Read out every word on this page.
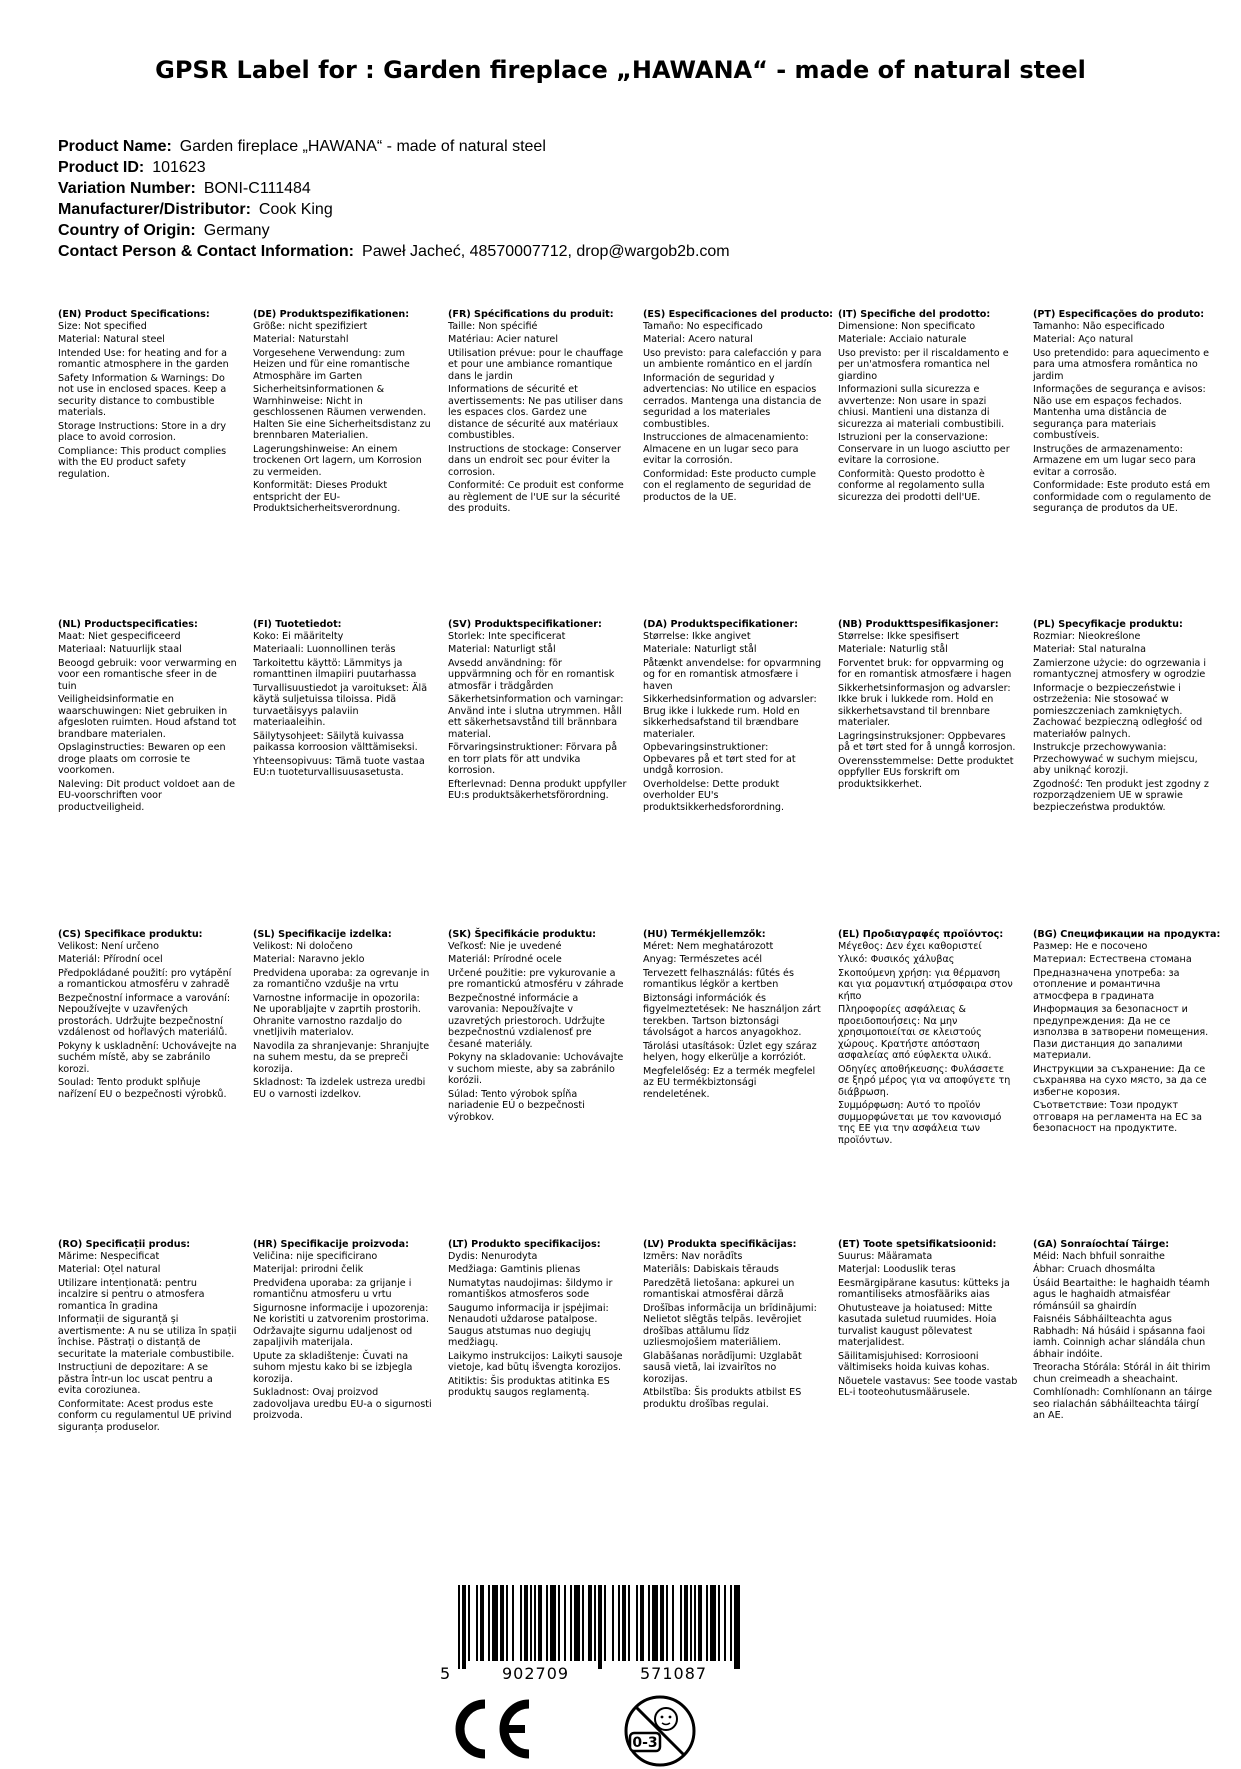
GPSR Label for : Garden fireplace „HAWANA“ - made of natural steel
Product Name: Garden fireplace „HAWANA“ - made of natural steel
Product ID: 101623
Variation Number: BONI-C111484
Manufacturer/Distributor: Cook King
Country of Origin: Germany
Contact Person & Contact Information: Paweł Jacheć, 48570007712, drop@wargob2b.com
(EN) Product Specifications:
Size: Not specified
Material: Natural steel
Intended Use: for heating and for a romantic atmosphere in the garden
Safety Information & Warnings: Do not use in enclosed spaces. Keep a security distance to combustible materials.
Storage Instructions: Store in a dry place to avoid corrosion.
Compliance: This product complies with the EU product safety regulation.
(DE) Produktspezifikationen:
Größe: nicht spezifiziert
Material: Naturstahl
Vorgesehene Verwendung: zum Heizen und für eine romantische Atmosphäre im Garten
Sicherheitsinformationen & Warnhinweise: Nicht in geschlossenen Räumen verwenden. Halten Sie eine Sicherheitsdistanz zu brennbaren Materialien.
Lagerungshinweise: An einem trockenen Ort lagern, um Korrosion zu vermeiden.
Konformität: Dieses Produkt entspricht der EU-Produktsicherheitsverordnung.
(FR) Spécifications du produit:
Taille: Non spécifié
Matériau: Acier naturel
Utilisation prévue: pour le chauffage et pour une ambiance romantique dans le jardin
Informations de sécurité et avertissements: Ne pas utiliser dans les espaces clos. Gardez une distance de sécurité aux matériaux combustibles.
Instructions de stockage: Conserver dans un endroit sec pour éviter la corrosion.
Conformité: Ce produit est conforme au règlement de l'UE sur la sécurité des produits.
(ES) Especificaciones del producto:
Tamaño: No especificado
Material: Acero natural
Uso previsto: para calefacción y para un ambiente romántico en el jardín
Información de seguridad y advertencias: No utilice en espacios cerrados. Mantenga una distancia de seguridad a los materiales combustibles.
Instrucciones de almacenamiento: Almacene en un lugar seco para evitar la corrosión.
Conformidad: Este producto cumple con el reglamento de seguridad de productos de la UE.
(IT) Specifiche del prodotto:
Dimensione: Non specificato
Materiale: Acciaio naturale
Uso previsto: per il riscaldamento e per un'atmosfera romantica nel giardino
Informazioni sulla sicurezza e avvertenze: Non usare in spazi chiusi. Mantieni una distanza di sicurezza ai materiali combustibili.
Istruzioni per la conservazione: Conservare in un luogo asciutto per evitare la corrosione.
Conformità: Questo prodotto è conforme al regolamento sulla sicurezza dei prodotti dell'UE.
(PT) Especificações do produto:
Tamanho: Não especificado
Material: Aço natural
Uso pretendido: para aquecimento e para uma atmosfera romântica no jardim
Informações de segurança e avisos: Não use em espaços fechados. Mantenha uma distância de segurança para materiais combustíveis.
Instruções de armazenamento: Armazene em um lugar seco para evitar a corrosão.
Conformidade: Este produto está em conformidade com o regulamento de segurança de produtos da UE.
(NL) Productspecificaties:
Maat: Niet gespecificeerd
Materiaal: Natuurlijk staal
Beoogd gebruik: voor verwarming en voor een romantische sfeer in de tuin
Veiligheidsinformatie en waarschuwingen: Niet gebruiken in afgesloten ruimten. Houd afstand tot brandbare materialen.
Opslaginstructies: Bewaren op een droge plaats om corrosie te voorkomen.
Naleving: Dit product voldoet aan de EU-voorschriften voor productveiligheid.
(FI) Tuotetiedot:
Koko: Ei määritelty
Materiaali: Luonnollinen teräs
Tarkoitettu käyttö: Lämmitys ja romanttinen ilmapiiri puutarhassa
Turvallisuustiedot ja varoitukset: Älä käytä suljetuissa tiloissa. Pidä turvaetäisyys palaviin materiaaleihin.
Säilytysohjeet: Säilytä kuivassa paikassa korroosion välttämiseksi.
Yhteensopivuus: Tämä tuote vastaa EU:n tuoteturvallisuusasetusta.
(SV) Produktspecifikationer:
Storlek: Inte specificerat
Material: Naturligt stål
Avsedd användning: för uppvärmning och för en romantisk atmosfär i trädgården
Säkerhetsinformation och varningar: Använd inte i slutna utrymmen. Håll ett säkerhetsavstånd till brännbara material.
Förvaringsinstruktioner: Förvara på en torr plats för att undvika korrosion.
Efterlevnad: Denna produkt uppfyller EU:s produktsäkerhetsförordning.
(DA) Produktspecifikationer:
Størrelse: Ikke angivet
Materiale: Naturligt stål
Påtænkt anvendelse: for opvarmning og for en romantisk atmosfære i haven
Sikkerhedsinformation og advarsler: Brug ikke i lukkede rum. Hold en sikkerhedsafstand til brændbare materialer.
Opbevaringsinstruktioner: Opbevares på et tørt sted for at undgå korrosion.
Overholdelse: Dette produkt overholder EU's produktsikkerhedsforordning.
(NB) Produkttspesifikasjoner:
Størrelse: Ikke spesifisert
Materiale: Naturlig stål
Forventet bruk: for oppvarming og for en romantisk atmosfære i hagen
Sikkerhetsinformasjon og advarsler: Ikke bruk i lukkede rom. Hold en sikkerhetsavstand til brennbare materialer.
Lagringsinstruksjoner: Oppbevares på et tørt sted for å unngå korrosjon.
Overensstemmelse: Dette produktet oppfyller EUs forskrift om produktsikkerhet.
(PL) Specyfikacje produktu:
Rozmiar: Nieokreślone
Materiał: Stal naturalna
Zamierzone użycie: do ogrzewania i romantycznej atmosfery w ogrodzie
Informacje o bezpieczeństwie i ostrzeżenia: Nie stosować w pomieszczeniach zamkniętych. Zachować bezpieczną odległość od materiałów palnych.
Instrukcje przechowywania: Przechowywać w suchym miejscu, aby uniknąć korozji.
Zgodność: Ten produkt jest zgodny z rozporządzeniem UE w sprawie bezpieczeństwa produktów.
(CS) Specifikace produktu:
Velikost: Není určeno
Materiál: Přírodní ocel
Předpokládané použití: pro vytápění a romantickou atmosféru v zahradě
Bezpečnostní informace a varování: Nepoužívejte v uzavřených prostorách. Udržujte bezpečnostní vzdálenost od hořlavých materiálů.
Pokyny k uskladnění: Uchovávejte na suchém místě, aby se zabránilo korozi.
Soulad: Tento produkt splňuje nařízení EU o bezpečnosti výrobků.
(SL) Specifikacije izdelka:
Velikost: Ni določeno
Material: Naravno jeklo
Predvidena uporaba: za ogrevanje in za romantično vzdušje na vrtu
Varnostne informacije in opozorila: Ne uporabljajte v zaprtih prostorih. Ohranite varnostno razdaljo do vnetljivih materialov.
Navodila za shranjevanje: Shranjujte na suhem mestu, da se prepreči korozija.
Skladnost: Ta izdelek ustreza uredbi EU o varnosti izdelkov.
(SK) Špecifikácie produktu:
Veľkosť: Nie je uvedené
Materiál: Prírodné ocele
Určené použitie: pre vykurovanie a pre romantickú atmosféru v záhrade
Bezpečnostné informácie a varovania: Nepoužívajte v uzavretých priestoroch. Udržujte bezpečnostnú vzdialenosť pre česané materiály.
Pokyny na skladovanie: Uchovávajte v suchom mieste, aby sa zabránilo korózii.
Súlad: Tento výrobok spĺňa nariadenie EÚ o bezpečnosti výrobkov.
(HU) Termékjellemzők:
Méret: Nem meghatározott
Anyag: Természetes acél
Tervezett felhasználás: fűtés és romantikus légkör a kertben
Biztonsági információk és figyelmeztetések: Ne használjon zárt terekben. Tartson biztonsági távolságot a harcos anyagokhoz.
Tárolási utasítások: Üzlet egy száraz helyen, hogy elkerülje a korróziót.
Megfelelőség: Ez a termék megfelel az EU termékbiztonsági rendeletének.
(EL) Προδιαγραφές προϊόντος:
Μέγεθος: Δεν έχει καθοριστεί
Υλικό: Φυσικός χάλυβας
Σκοπούμενη χρήση: για θέρμανση και για ρομαντική ατμόσφαιρα στον κήπο
Πληροφορίες ασφάλειας & προειδοποιήσεις: Να μην χρησιμοποιείται σε κλειστούς χώρους. Κρατήστε απόσταση ασφαλείας από εύφλεκτα υλικά.
Οδηγίες αποθήκευσης: Φυλάσσετε σε ξηρό μέρος για να αποφύγετε τη διάβρωση.
Συμμόρφωση: Αυτό το προϊόν συμμορφώνεται με τον κανονισμό της ΕΕ για την ασφάλεια των προϊόντων.
(BG) Спецификации на продукта:
Размер: Не е посочено
Материал: Естествена стомана
Предназначена употреба: за отопление и романтична атмосфера в градината
Информация за безопасност и предупреждения: Да не се използва в затворени помещения. Пази дистанция до запалими материали.
Инструкции за съхранение: Да се съхранява на сухо място, за да се избегне корозия.
Съответствие: Този продукт отговаря на регламента на ЕС за безопасност на продуктите.
(RO) Specificații produs:
Mărime: Nespecificat
Material: Oțel natural
Utilizare intenționată: pentru incalzire si pentru o atmosfera romantica în gradina
Informații de siguranță și avertismente: A nu se utiliza în spații închise. Păstrați o distanță de securitate la materiale combustibile.
Instrucțiuni de depozitare: A se păstra într-un loc uscat pentru a evita coroziunea.
Conformitate: Acest produs este conform cu regulamentul UE privind siguranța produselor.
(HR) Specifikacije proizvoda:
Veličina: nije specificirano
Materijal: prirodni čelik
Predviđena uporaba: za grijanje i romantičnu atmosferu u vrtu
Sigurnosne informacije i upozorenja: Ne koristiti u zatvorenim prostorima. Održavajte sigurnu udaljenost od zapaljivih materijala.
Upute za skladištenje: Čuvati na suhom mjestu kako bi se izbjegla korozija.
Sukladnost: Ovaj proizvod zadovoljava uredbu EU-a o sigurnosti proizvoda.
(LT) Produkto specifikacijos:
Dydis: Nenurodyta
Medžiaga: Gamtinis plienas
Numatytas naudojimas: šildymo ir romantiškos atmosferos sode
Saugumo informacija ir įspėjimai: Nenaudoti uždarose patalpose. Saugus atstumas nuo degiųjų medžiagų.
Laikymo instrukcijos: Laikyti sausoje vietoje, kad būtų išvengta korozijos.
Atitiktis: Šis produktas atitinka ES produktų saugos reglamentą.
(LV) Produkta specifikācijas:
Izmērs: Nav norādīts
Materiāls: Dabiskais tērauds
Paredzētā lietošana: apkurei un romantiskai atmosfērai dārzā
Drošības informācija un brīdinājumi: Nelietot slēgtās telpās. Ievērojiet drošības attālumu līdz uzliesmojošiem materiāliem.
Glabāšanas norādījumi: Uzglabāt sausā vietā, lai izvairītos no korozijas.
Atbilstība: Šis produkts atbilst ES produktu drošības regulai.
(ET) Toote spetsifikatsioonid:
Suurus: Määramata
Materjal: Looduslik teras
Eesmärgipärane kasutus: kütteks ja romantiliseks atmosfääriks aias
Ohutusteave ja hoiatused: Mitte kasutada suletud ruumides. Hoia turvalist kaugust põlevatest materjalidest.
Säilitamisjuhised: Korrosiooni vältimiseks hoida kuivas kohas.
Nõuetele vastavus: See toode vastab EL-i tooteohutusmäärusele.
(GA) Sonraíochtaí Táirge:
Méid: Nach bhfuil sonraithe
Ábhar: Cruach dhosmálta
Úsáid Beartaithe: le haghaidh téamh agus le haghaidh atmaisféar rómánsúil sa ghairdín
Faisnéis Sábháilteachta agus Rabhadh: Ná húsáid i spásanna faoi iamh. Coinnigh achar slándála chun ábhair indóite.
Treoracha Stórála: Stórál in áit thirim chun creimeadh a sheachaint.
Comhlíonadh: Comhlíonann an táirge seo rialachán sábháilteachta táirgí an AE.
5	902709	571087
0-3
